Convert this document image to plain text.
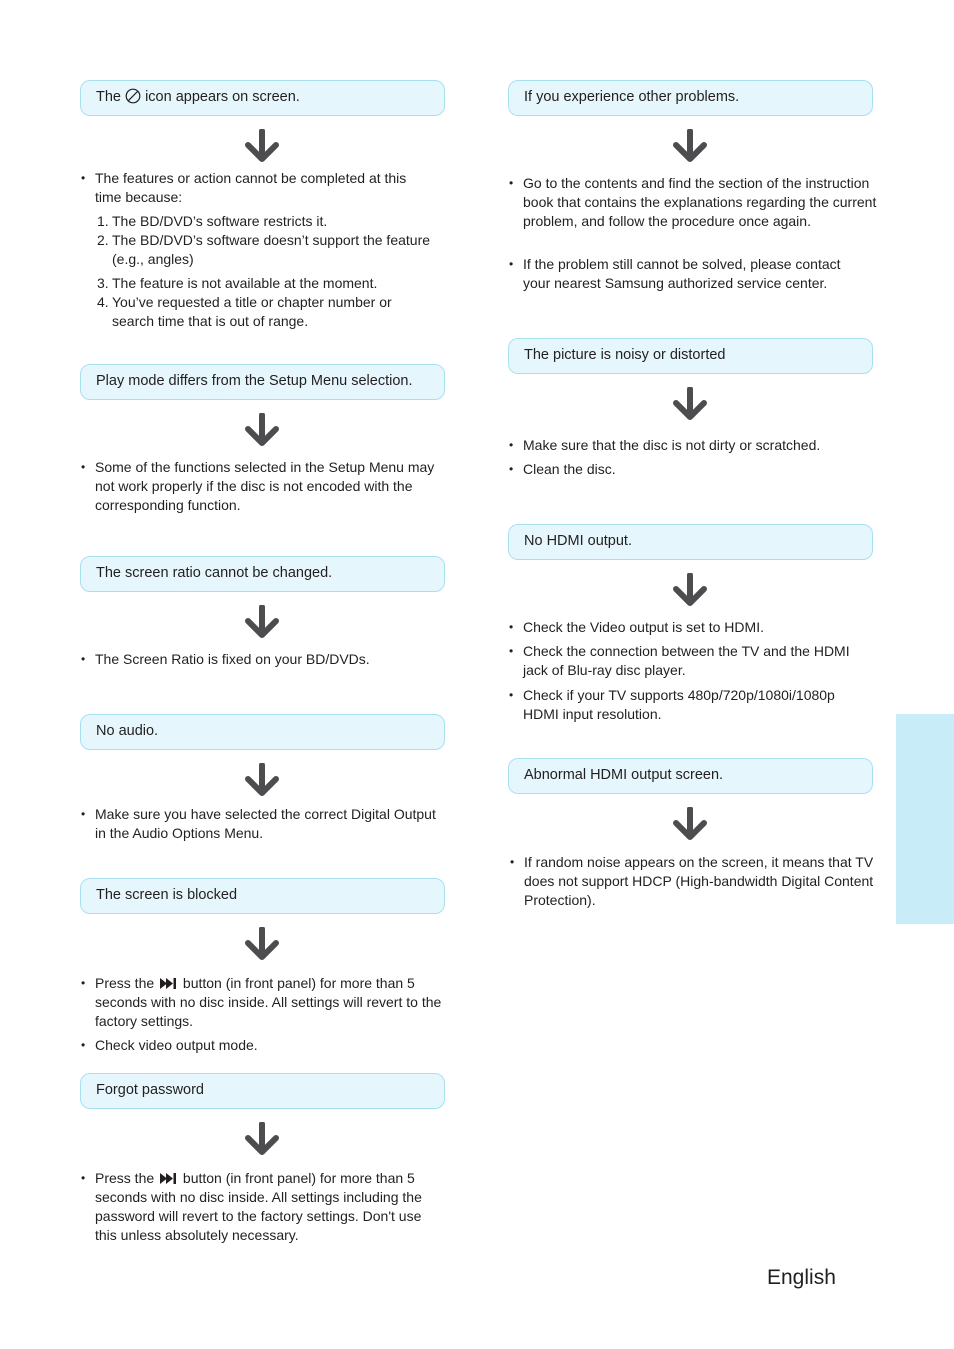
The icon appears on screen.
• The features or action cannot be completed at this time because:
1. The BD/DVD’s software restricts it.
2. The BD/DVD’s software doesn’t support the feature (e.g., angles)
3. The feature is not available at the moment.
4. You’ve requested a title or chapter number or search time that is out of range.
Play mode differs from the Setup Menu selection.
• Some of the functions selected in the Setup Menu may not work properly if the disc is not encoded with the corresponding function.
The screen ratio cannot be changed.
• The Screen Ratio is fixed on your BD/DVDs.
No audio.
• Make sure you have selected the correct Digital Output in the Audio Options Menu.
The screen is blocked
• Press the button (in front panel) for more than 5 seconds with no disc inside. All settings will revert to the factory settings.
• Check video output mode.
Forgot password
• Press the button (in front panel) for more than 5 seconds with no disc inside. All settings including the password will revert to the factory settings. Don't use this unless absolutely necessary.
If you experience other problems.
• Go to the contents and find the section of the instruction book that contains the explanations regarding the current problem, and follow the procedure once again.
• If the problem still cannot be solved, please contact your nearest Samsung authorized service center.
The picture is noisy or distorted
• Make sure that the disc is not dirty or scratched.
• Clean the disc.
No HDMI output.
• Check the Video output is set to HDMI.
• Check the connection between the TV and the HDMI jack of Blu-ray disc player.
• Check if your TV supports 480p/720p/1080i/1080p HDMI input resolution.
Abnormal HDMI output screen.
• If random noise appears on the screen, it means that TV does not support HDCP (High-bandwidth Digital Content Protection).
English
